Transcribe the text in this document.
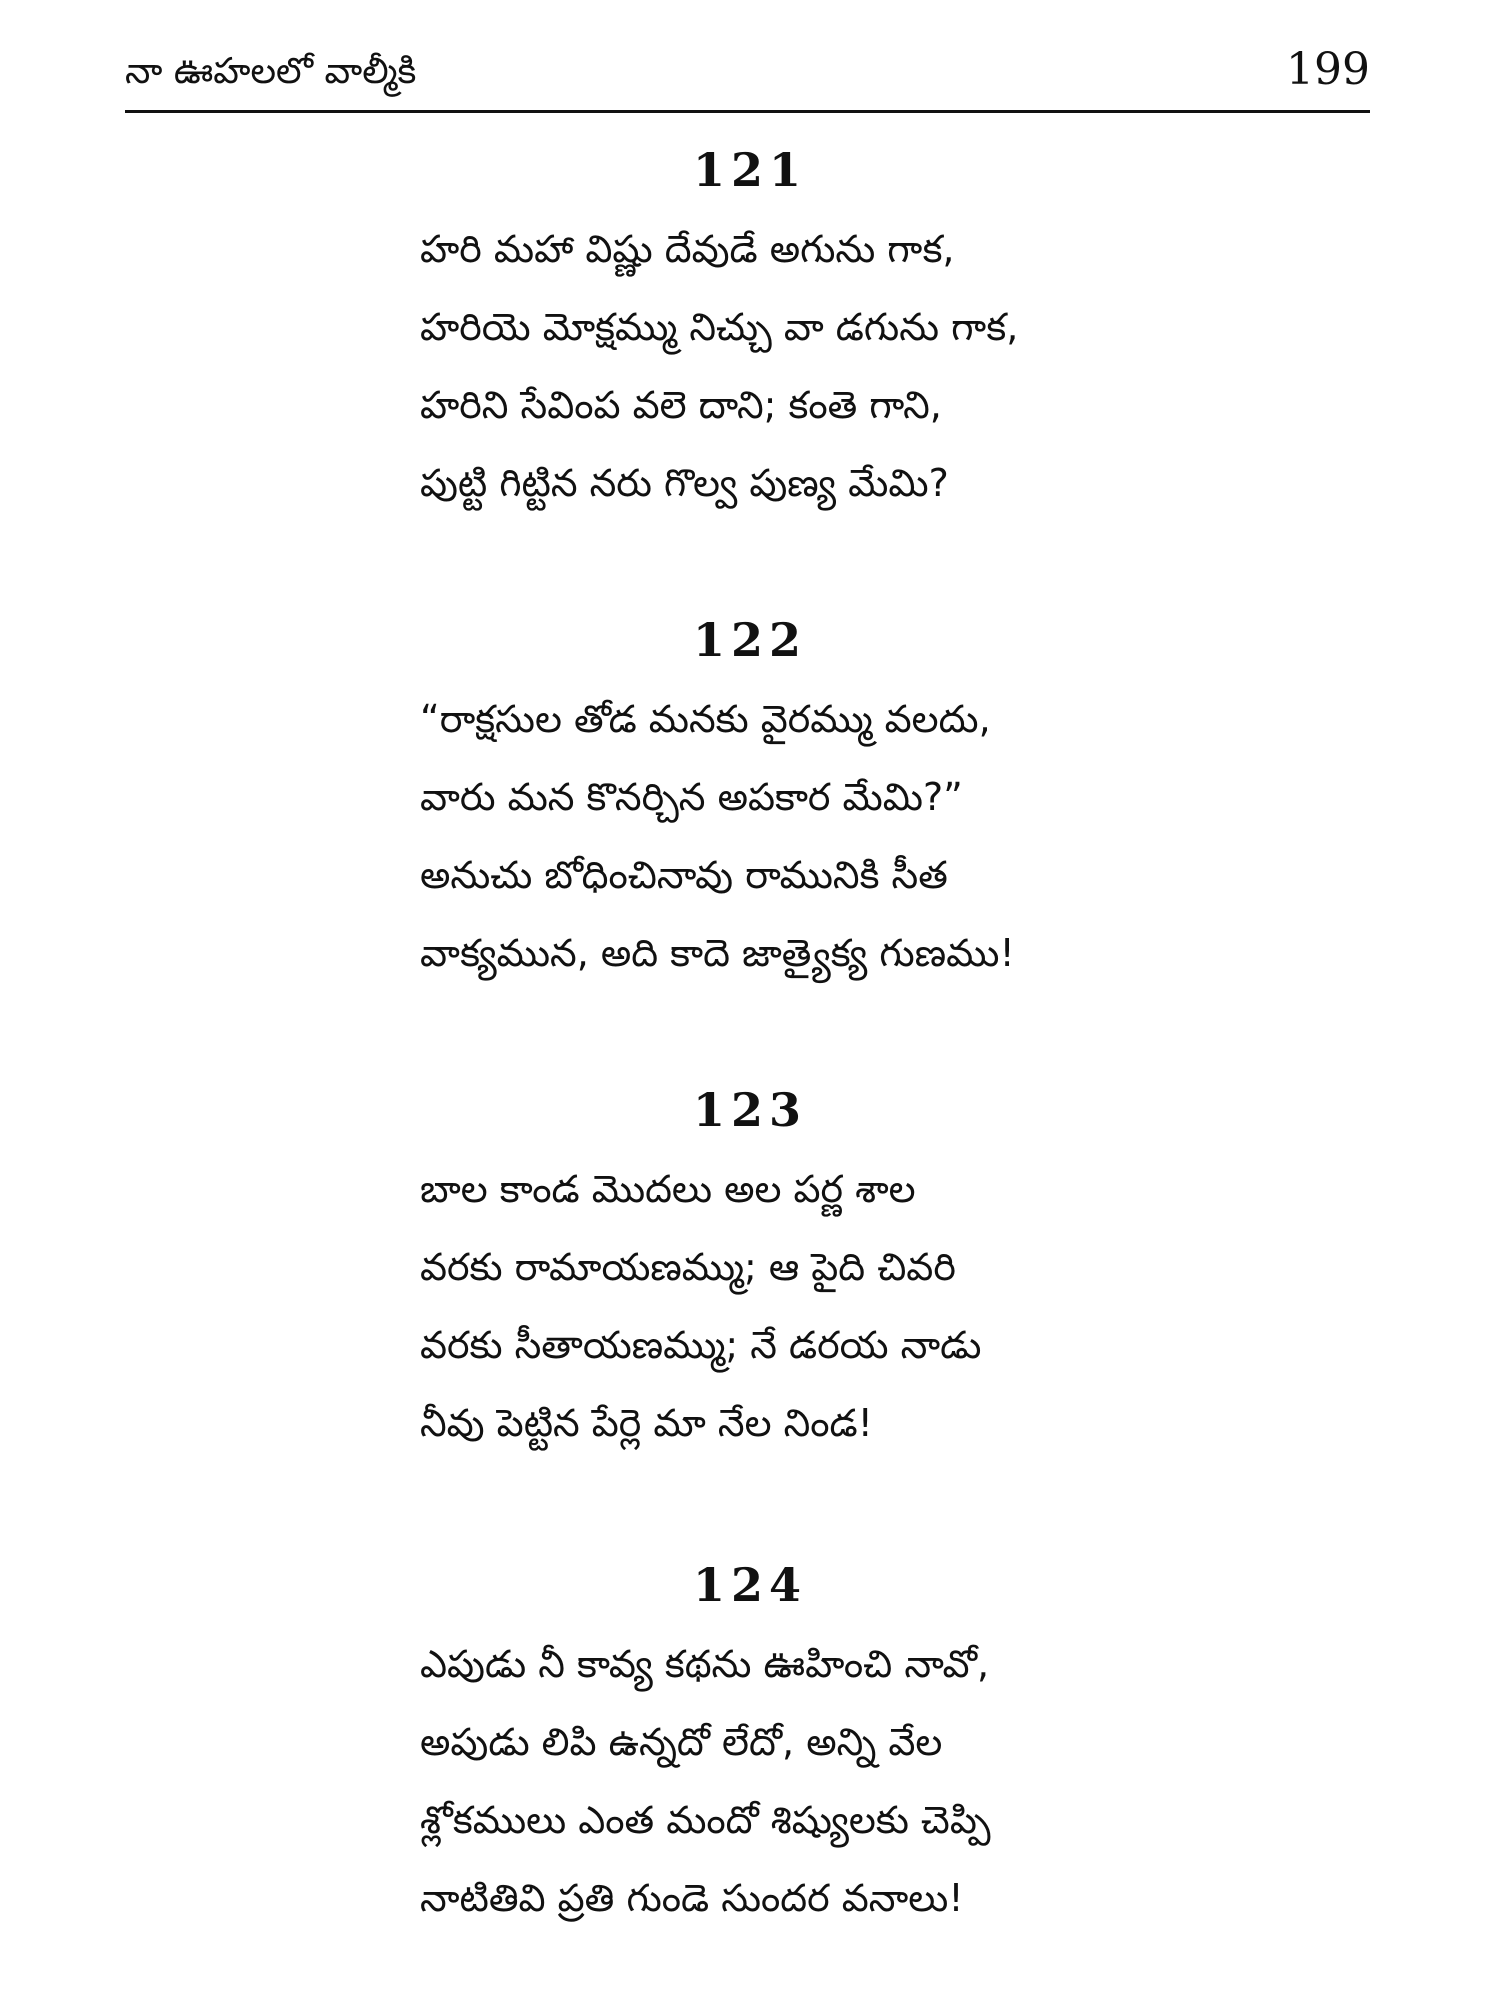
నా ఊహలలో వాల్మీకి	199
121
హరి మహా విష్ణు దేవుడే అగును గాక,
హరియె మోక్షమ్ము నిచ్చు వా డగును గాక,
హరిని సేవింప వలె దాని; కంతె గాని,
పుట్టి గిట్టిన నరు గొల్వ పుణ్య మేమి?
122
“రాక్షసుల తోడ మనకు వైరమ్ము వలదు,
వారు మన కొనర్చిన అపకార మేమి?”
అనుచు బోధించినావు రామునికి సీత
వాక్యమున, అది కాదె జాత్యైక్య గుణము!
123
బాల కాండ మొదలు అల పర్ణ శాల
వరకు రామాయణమ్ము; ఆ పైది చివరి
వరకు సీతాయణమ్ము; నే డరయ నాడు
నీవు పెట్టిన పేర్లె మా నేల నిండ!
124
ఎపుడు నీ కావ్య కథను ఊహించి నావో,
అపుడు లిపి ఉన్నదో లేదో, అన్ని వేల
శ్లోకములు ఎంత మందో శిష్యులకు చెప్పి
నాటితివి ప్రతి గుండె సుందర వనాలు!
